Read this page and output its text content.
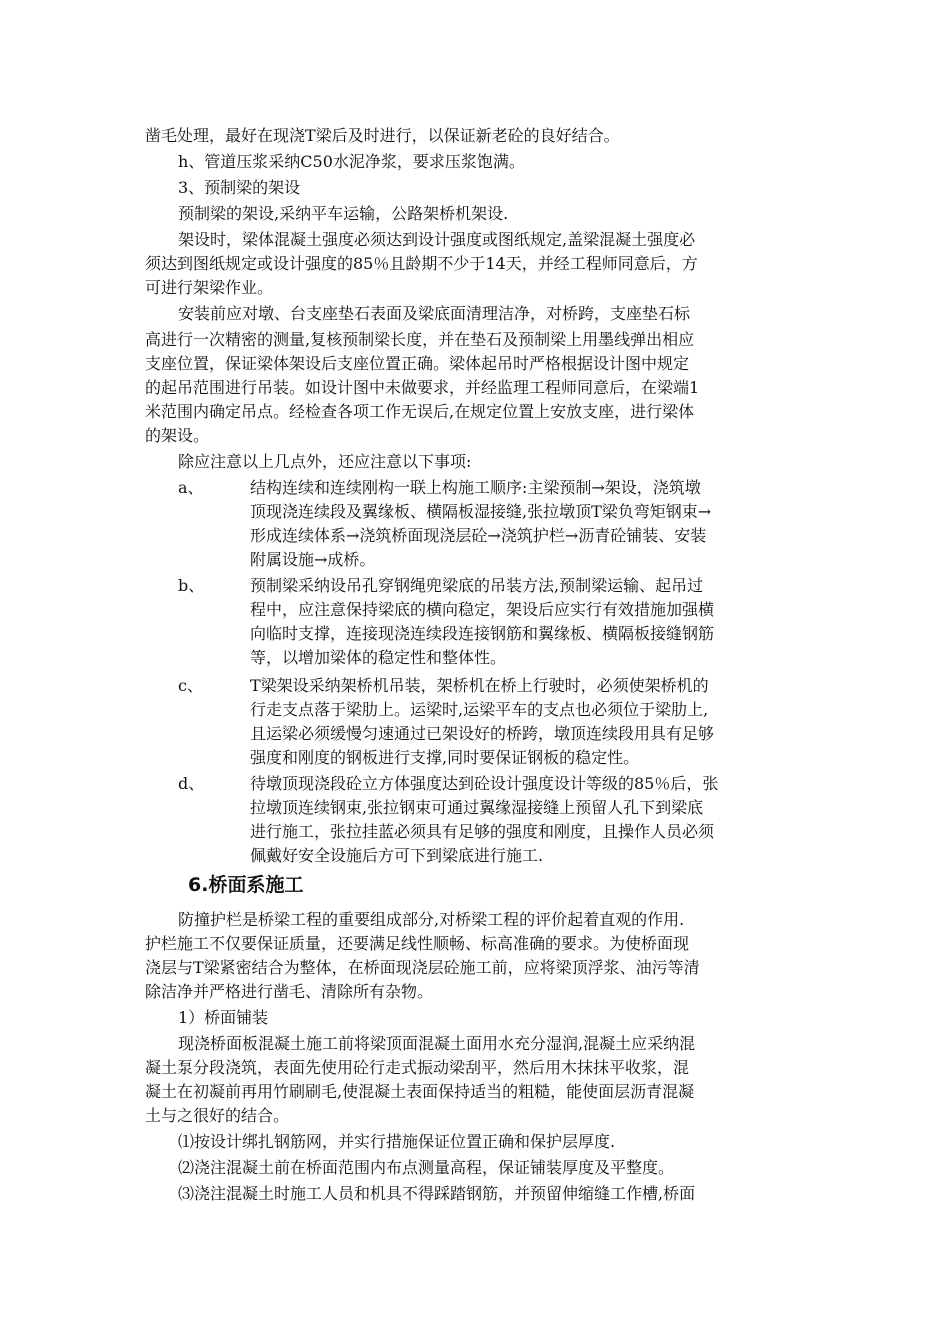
凿毛处理，最好在现浇T梁后及时进行，以保证新老砼的良好结合。
h、管道压浆采纳C50水泥净浆，要求压浆饱满。
3、预制梁的架设
预制梁的架设,采纳平车运输，公路架桥机架设.
架设时，梁体混凝土强度必须达到设计强度或图纸规定,盖梁混凝土强度必
须达到图纸规定或设计强度的85％且龄期不少于14天，并经工程师同意后，方
可进行架梁作业。
安装前应对墩、台支座垫石表面及梁底面清理洁净，对桥跨，支座垫石标
高进行一次精密的测量,复核预制梁长度，并在垫石及预制梁上用墨线弹出相应
支座位置，保证梁体架设后支座位置正确。梁体起吊时严格根据设计图中规定
的起吊范围进行吊装。如设计图中未做要求，并经监理工程师同意后，在梁端1
米范围内确定吊点。经检查各项工作无误后,在规定位置上安放支座，进行梁体
的架设。
除应注意以上几点外，还应注意以下事项:
a、	结构连续和连续刚构一联上构施工顺序:主梁预制→架设，浇筑墩
顶现浇连续段及翼缘板、横隔板湿接缝,张拉墩顶T梁负弯矩钢束→
形成连续体系→浇筑桥面现浇层砼→浇筑护栏→沥青砼铺装、安装
附属设施→成桥。
b、	预制梁采纳设吊孔穿钢绳兜梁底的吊装方法,预制梁运输、起吊过
程中，应注意保持梁底的横向稳定，架设后应实行有效措施加强横
向临时支撑，连接现浇连续段连接钢筋和翼缘板、横隔板接缝钢筋
等，以增加梁体的稳定性和整体性。
c、	T梁架设采纳架桥机吊装，架桥机在桥上行驶时，必须使架桥机的
行走支点落于梁肋上。运梁时,运梁平车的支点也必须位于梁肋上,
且运梁必须缓慢匀速通过已架设好的桥跨，墩顶连续段用具有足够
强度和刚度的钢板进行支撑,同时要保证钢板的稳定性。
d、	待墩顶现浇段砼立方体强度达到砼设计强度设计等级的85％后，张
拉墩顶连续钢束,张拉钢束可通过翼缘湿接缝上预留人孔下到梁底
进行施工，张拉挂蓝必须具有足够的强度和刚度，且操作人员必须
佩戴好安全设施后方可下到梁底进行施工.
6.桥面系施工
防撞护栏是桥梁工程的重要组成部分,对桥梁工程的评价起着直观的作用.
护栏施工不仅要保证质量，还要满足线性顺畅、标高准确的要求。为使桥面现
浇层与T梁紧密结合为整体，在桥面现浇层砼施工前，应将梁顶浮浆、油污等清
除洁净并严格进行凿毛、清除所有杂物。
1）桥面铺装
现浇桥面板混凝土施工前将梁顶面混凝土面用水充分湿润,混凝土应采纳混
凝土泵分段浇筑，表面先使用砼行走式振动梁刮平，然后用木抹抹平收浆，混
凝土在初凝前再用竹刷刷毛,使混凝土表面保持适当的粗糙，能使面层沥青混凝
土与之很好的结合。
⑴按设计绑扎钢筋网，并实行措施保证位置正确和保护层厚度.
⑵浇注混凝土前在桥面范围内布点测量高程，保证铺装厚度及平整度。
⑶浇注混凝土时施工人员和机具不得踩踏钢筋，并预留伸缩缝工作槽,桥面
